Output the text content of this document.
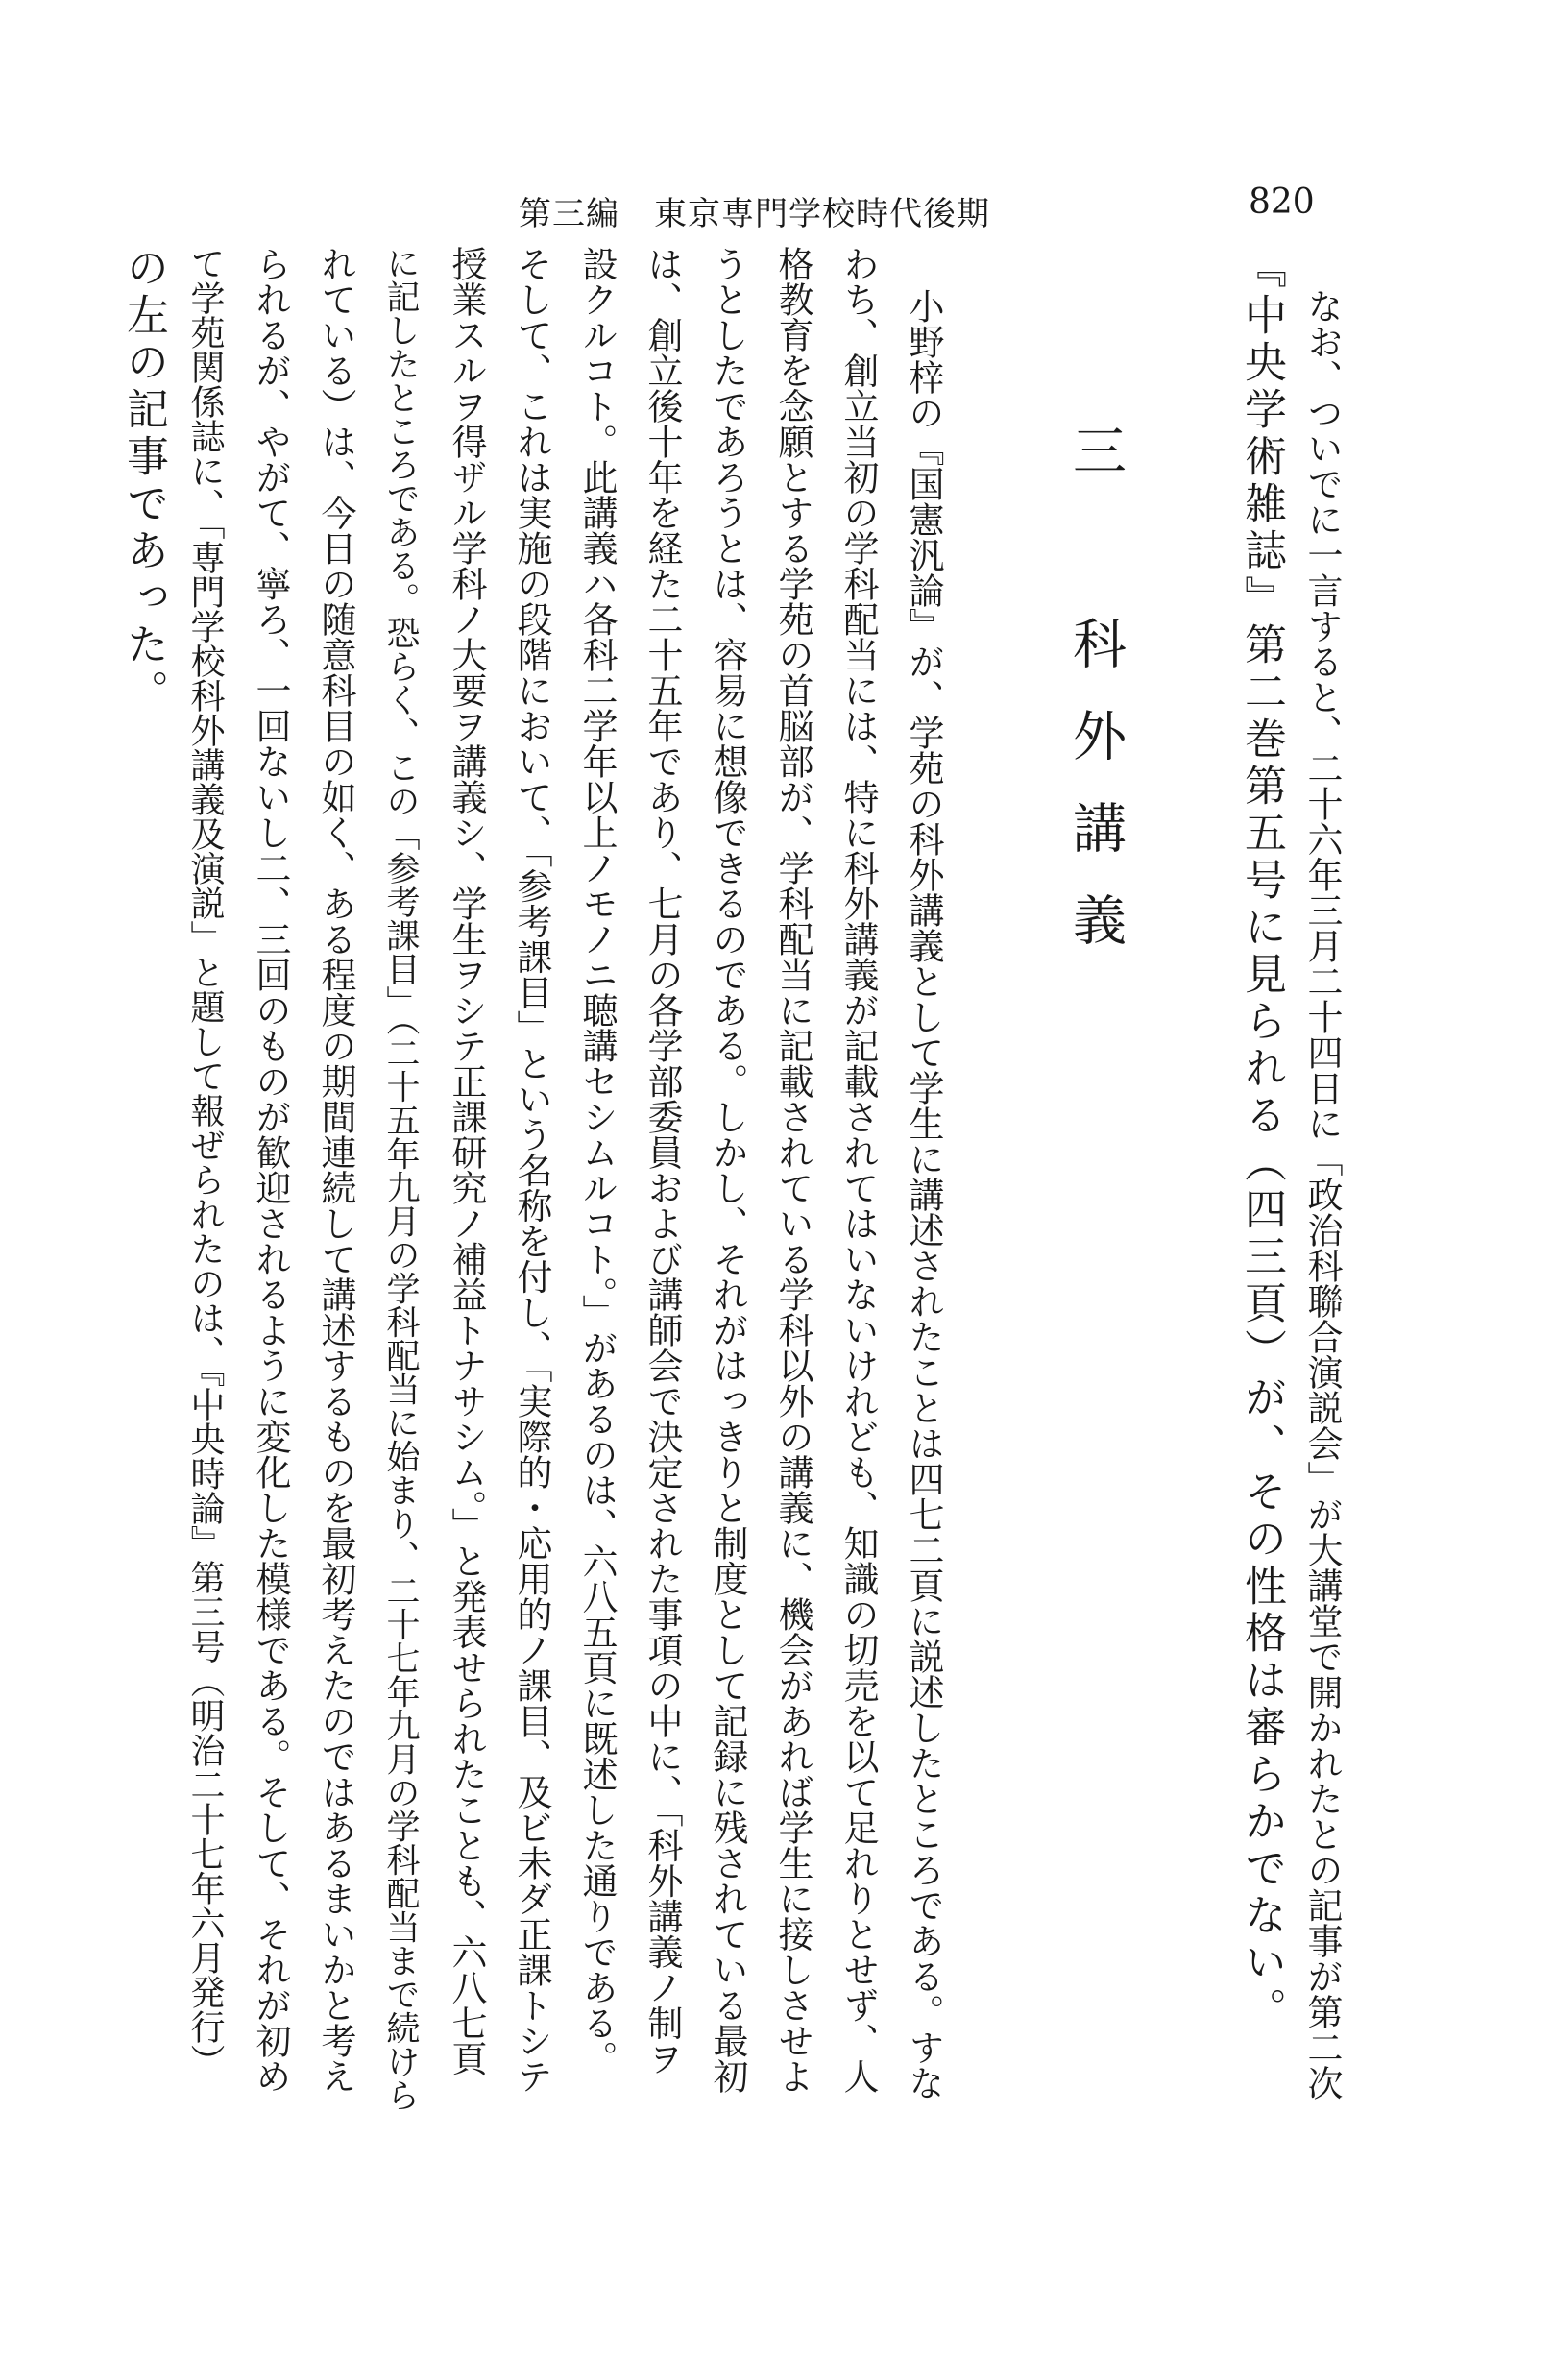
第三編 東京専門学校時代後期	820
なお、ついでに一言すると、二十六年三月二十四日に「政治科聯合演説会」が大講堂で開かれたとの記事が第二次
『中央学術雑誌』第二巻第五号に見られる（四三頁）が、その性格は審らかでない。
三 科外講義
小野梓の『国憲汎論』が、学苑の科外講義として学生に講述されたことは四七二頁に説述したところである。すな
わち、創立当初の学科配当には、特に科外講義が記載されてはいないけれども、知識の切売を以て足れりとせず、人
格教育を念願とする学苑の首脳部が、学科配当に記載されている学科以外の講義に、機会があれば学生に接しさせよ
うとしたであろうとは、容易に想像できるのである。しかし、それがはっきりと制度として記録に残されている最初
は、創立後十年を経た二十五年であり、七月の各学部委員および講師会で決定された事項の中に、「科外講義ノ制ヲ
設クルコト。此講義ハ各科二学年以上ノモノニ聴講セシムルコト。」があるのは、六八五頁に既述した通りである。
そして、これは実施の段階において、「参考課目」という名称を付し、「実際的・応用的ノ課目、及ビ未ダ正課トシテ
授業スルヲ得ザル学科ノ大要ヲ講義シ、学生ヲシテ正課研究ノ補益トナサシム。」と発表せられたことも、六八七頁
に記したところである。恐らく、この「参考課目」（二十五年九月の学科配当に始まり、二十七年九月の学科配当まで続けら
れている）は、今日の随意科目の如く、ある程度の期間連続して講述するものを最初考えたのではあるまいかと考え
られるが、やがて、寧ろ、一回ないし二、三回のものが歓迎されるように変化した模様である。そして、それが初め
て学苑関係誌に、「専門学校科外講義及演説」と題して報ぜられたのは、『中央時論』第三号（明治二十七年六月発行）
の左の記事であった。
